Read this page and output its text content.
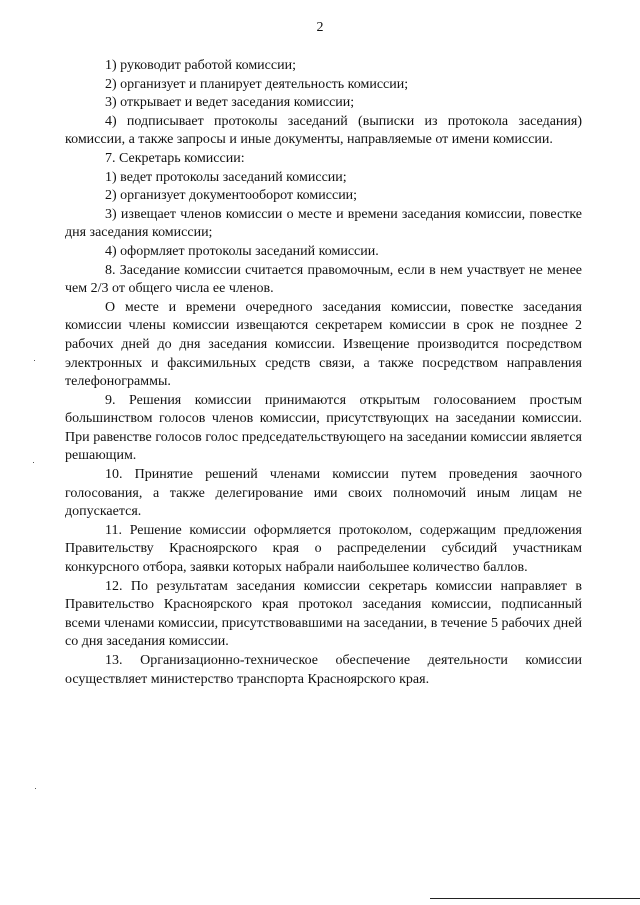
2

1) руководит работой комиссии;

2) организует и планирует деятельность комиссии;

3) открывает и ведет заседания комиссии;

4) подписывает протоколы заседаний (выписки из протокола заседания) комиссии, а также запросы и иные документы, направляемые от имени комиссии.

7. Секретарь комиссии:

1) ведет протоколы заседаний комиссии;

2) организует документооборот комиссии;

3) извещает членов комиссии о месте и времени заседания комиссии, повестке дня заседания комиссии;

4) оформляет протоколы заседаний комиссии.

8. Заседание комиссии считается правомочным, если в нем участвует не менее чем 2/3 от общего числа ее членов.

О месте и времени очередного заседания комиссии, повестке заседания комиссии члены комиссии извещаются секретарем комиссии в срок не позднее 2 рабочих дней до дня заседания комиссии. Извещение производится посредством электронных и факсимильных средств связи, а также посредством направления телефонограммы.

9. Решения комиссии принимаются открытым голосованием простым большинством голосов членов комиссии, присутствующих на заседании комиссии. При равенстве голосов голос председательствующего на заседании комиссии является решающим.

10. Принятие решений членами комиссии путем проведения заочного голосования, а также делегирование ими своих полномочий иным лицам не допускается.

11. Решение комиссии оформляется протоколом, содержащим предложения Правительству Красноярского края о распределении субсидий участникам конкурсного отбора, заявки которых набрали наибольшее количество баллов.

12. По результатам заседания комиссии секретарь комиссии направляет в Правительство Красноярского края протокол заседания комиссии, подписанный всеми членами комиссии, присутствовавшими на заседании, в течение 5 рабочих дней со дня заседания комиссии.

13. Организационно-техническое обеспечение деятельности комиссии осуществляет министерство транспорта Красноярского края.
